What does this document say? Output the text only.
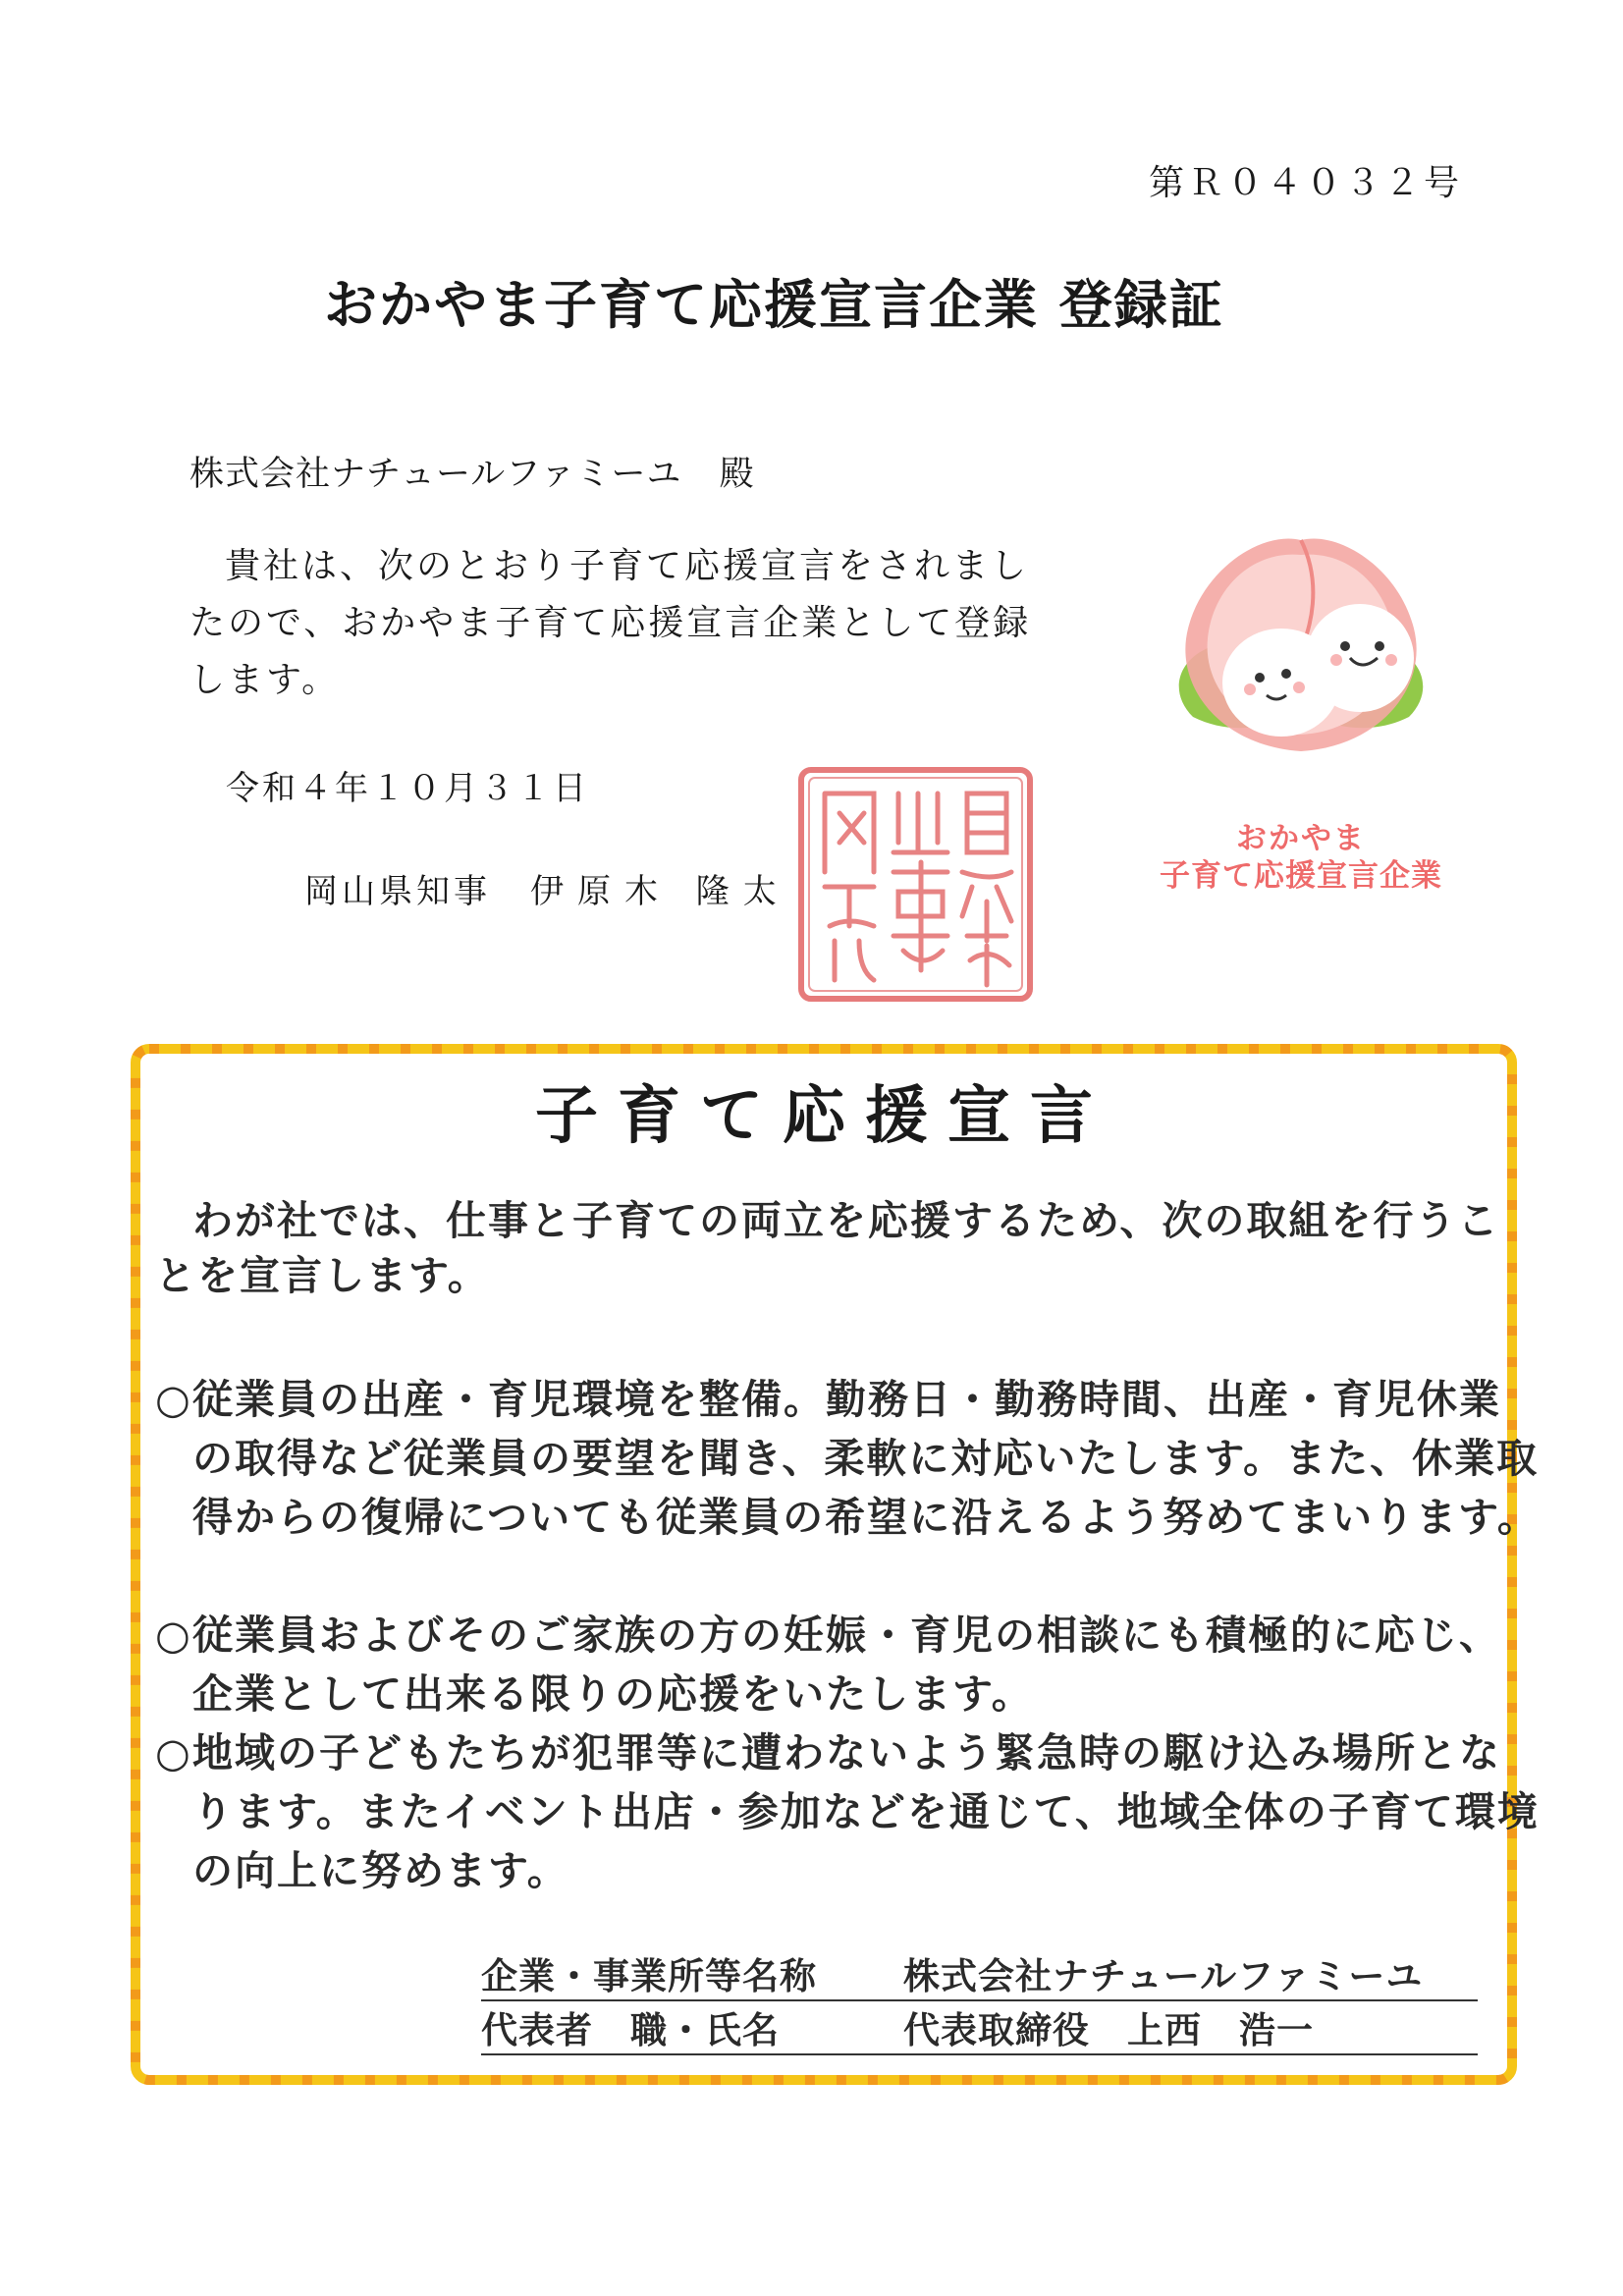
第Ｒ０４０３２号
おかやま子育て応援宣言企業 登録証
株式会社ナチュールファミーユ 殿
貴社は、次のとおり子育て応援宣言をされましたので、おかやま子育て応援宣言企業として登録します。
令和４年１０月３１日
岡山県知事 伊原木 隆太
おかやま
子育て応援宣言企業
子育て応援宣言
わが社では、仕事と子育ての両立を応援するため、次の取組を行うことを宣言します。
○従業員の出産・育児環境を整備。勤務日・勤務時間、出産・育児休業の取得など従業員の要望を聞き、柔軟に対応いたします。また、休業取得からの復帰についても従業員の希望に沿えるよう努めてまいります。
○従業員およびそのご家族の方の妊娠・育児の相談にも積極的に応じ、企業として出来る限りの応援をいたします。
○地域の子どもたちが犯罪等に遭わないよう緊急時の駆け込み場所となります。またイベント出店・参加などを通じて、地域全体の子育て環境の向上に努めます。
企業・事業所等名称 株式会社ナチュールファミーユ
代表者　職・氏名	代表取締役　上西　浩一
